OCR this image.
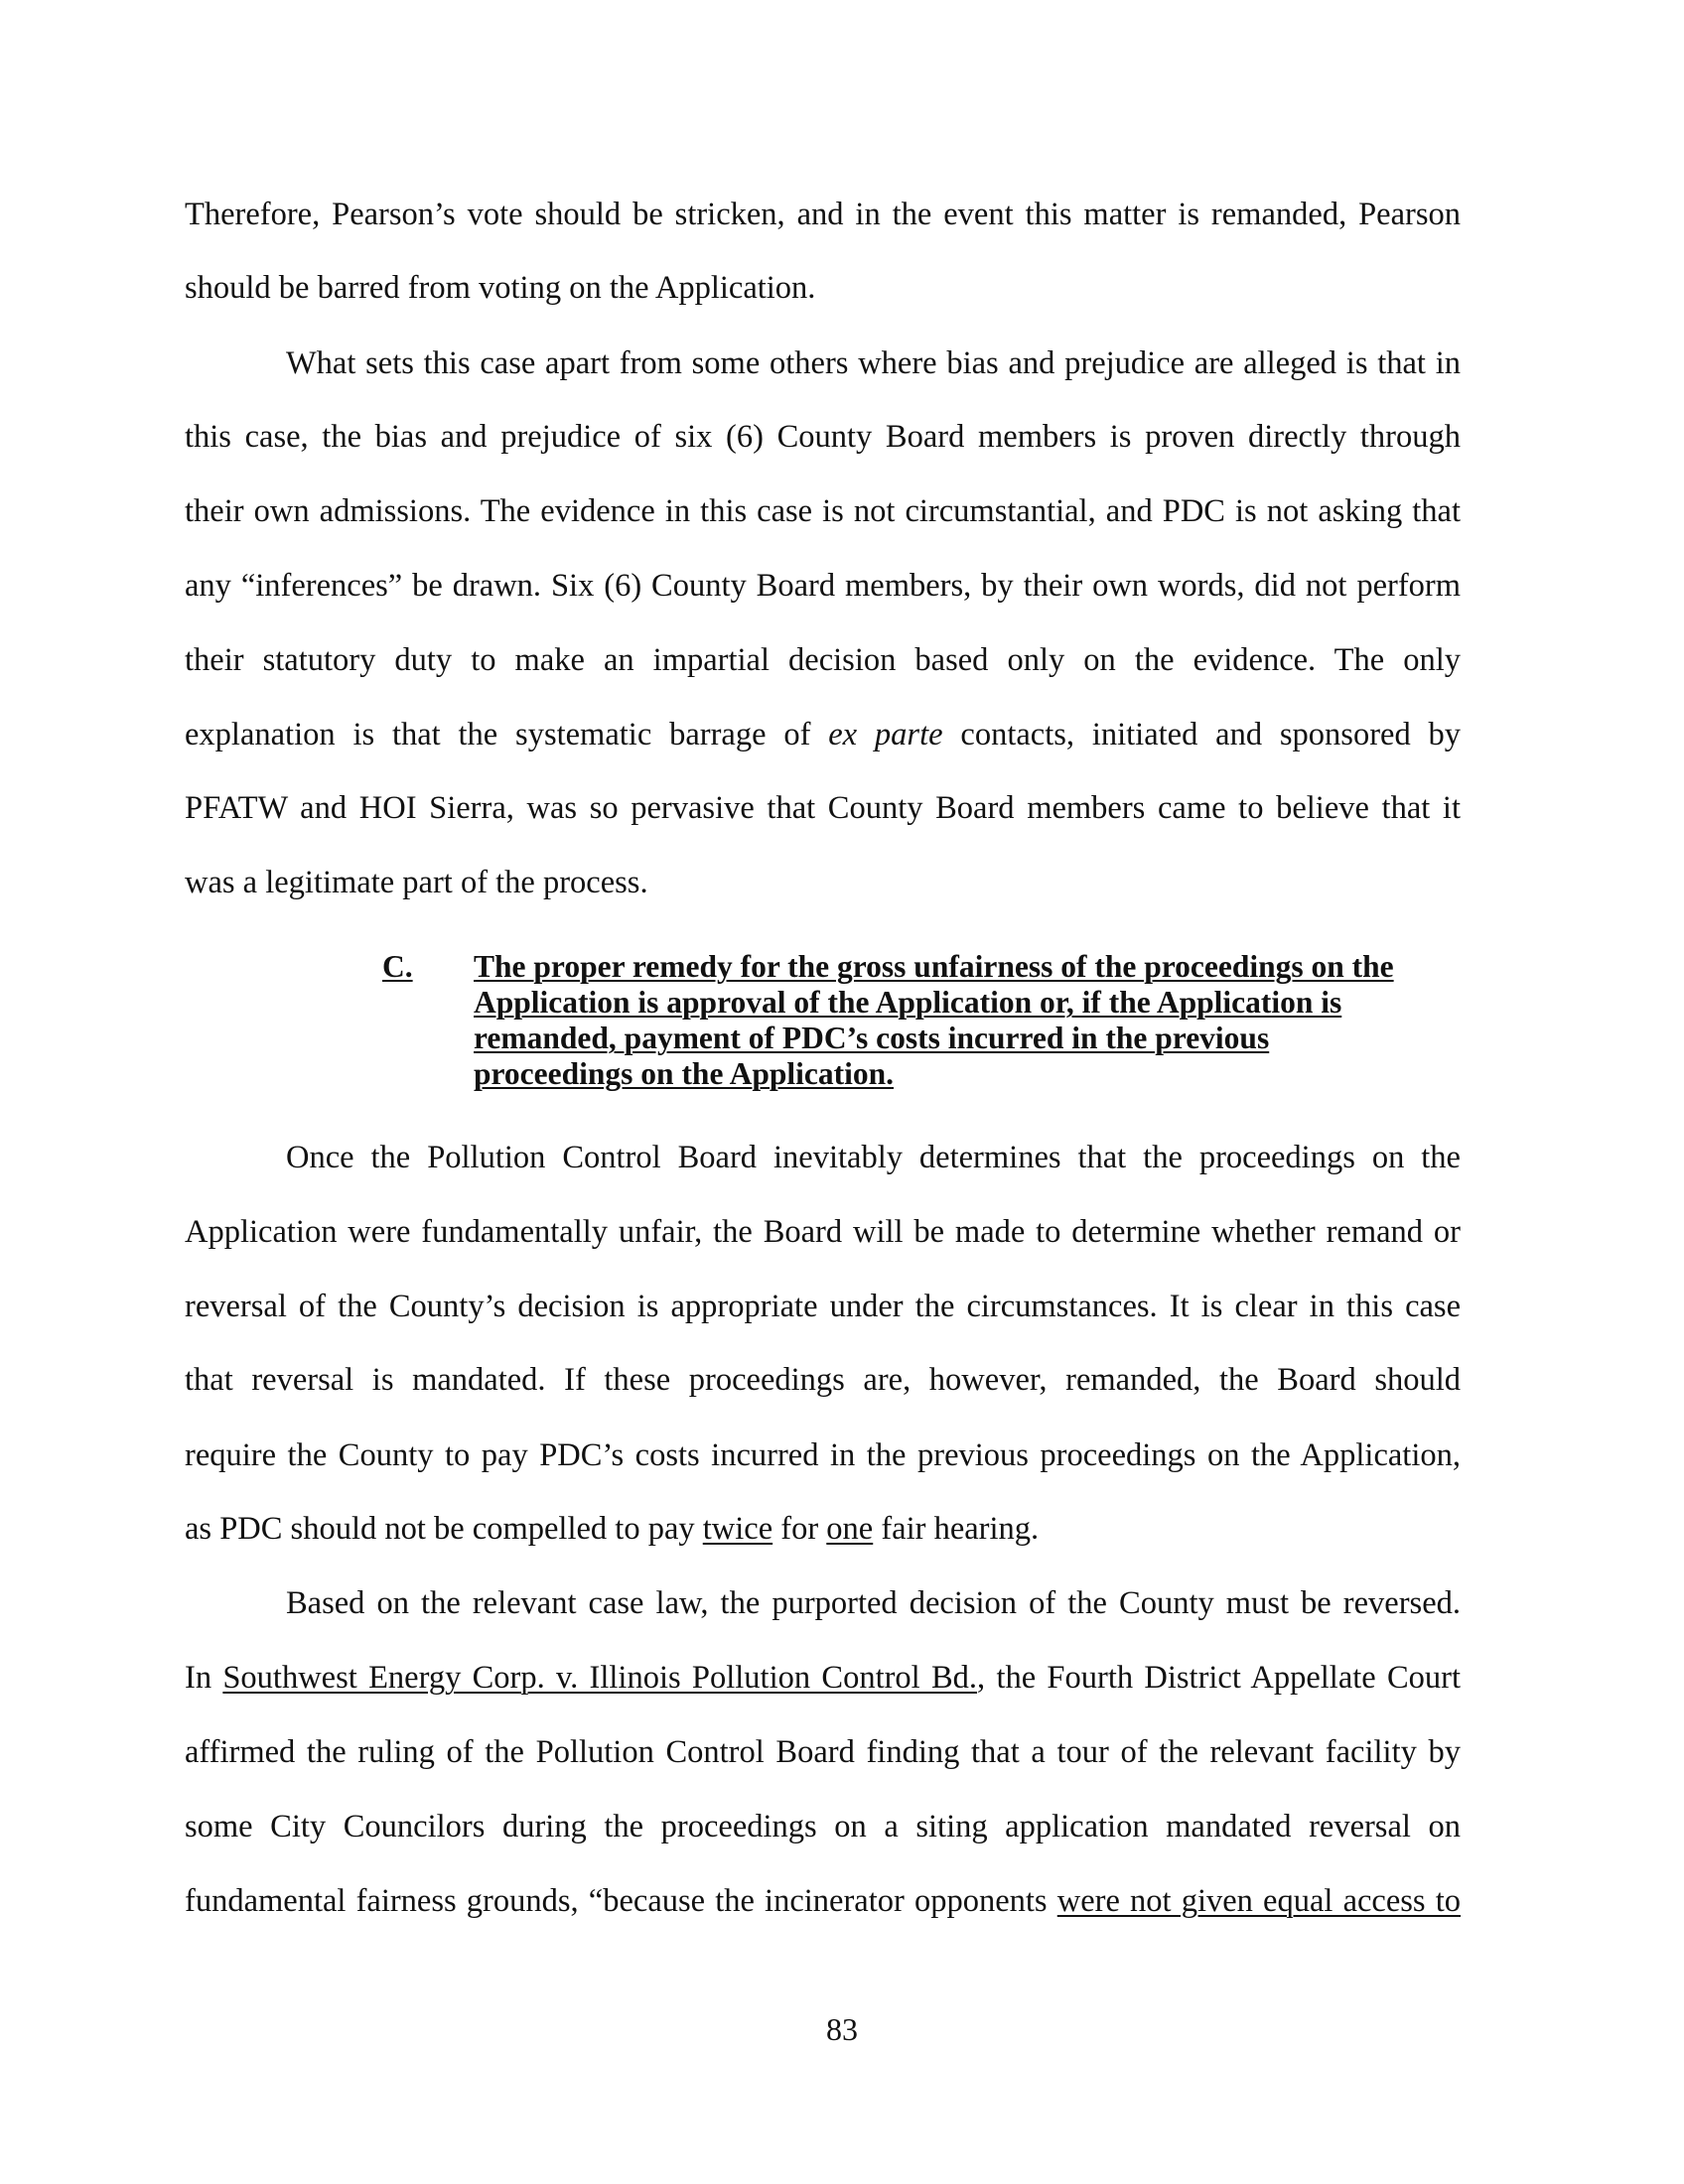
Therefore, Pearson’s vote should be stricken, and in the event this matter is remanded, Pearson
should be barred from voting on the Application.
What sets this case apart from some others where bias and prejudice are alleged is that in
this case, the bias and prejudice of six (6) County Board members is proven directly through
their own admissions. The evidence in this case is not circumstantial, and PDC is not asking that
any “inferences” be drawn. Six (6) County Board members, by their own words, did not perform
their statutory duty to make an impartial decision based only on the evidence. The only
explanation is that the systematic barrage of ex parte contacts, initiated and sponsored by
PFATW and HOI Sierra, was so pervasive that County Board members came to believe that it
was a legitimate part of the process.
C.	The proper remedy for the gross unfairness of the proceedings on the
Application is approval of the Application or, if the Application is
remanded, payment of PDC’s costs incurred in the previous
proceedings on the Application.
Once the Pollution Control Board inevitably determines that the proceedings on the
Application were fundamentally unfair, the Board will be made to determine whether remand or
reversal of the County’s decision is appropriate under the circumstances. It is clear in this case
that reversal is mandated. If these proceedings are, however, remanded, the Board should
require the County to pay PDC’s costs incurred in the previous proceedings on the Application,
as PDC should not be compelled to pay twice for one fair hearing.
Based on the relevant case law, the purported decision of the County must be reversed.
In Southwest Energy Corp. v. Illinois Pollution Control Bd., the Fourth District Appellate Court
affirmed the ruling of the Pollution Control Board finding that a tour of the relevant facility by
some City Councilors during the proceedings on a siting application mandated reversal on
fundamental fairness grounds, “because the incinerator opponents were not given equal access to
83
